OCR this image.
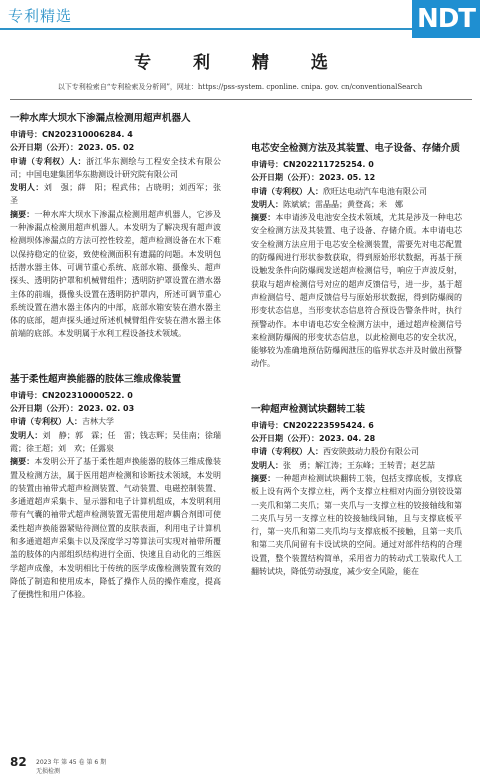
专利精选	NDT
专 利 精 选
以下专利检索自“专利检索及分析网”，网址：https://pss-system. cponline. cnipa. gov. cn/conventionalSearch
一种水库大坝水下渗漏点检测用超声机器人
申请号：CN202310006284. 4
公开日期（公开）：2023. 05. 02
申请（专利权）人：浙江华东测绘与工程安全技术有限公司；中国电建集团华东勘测设计研究院有限公司
发明人：刘　强；薛　阳；程武伟；占晓明；刘西军；张　圣
摘要：一种水库大坝水下渗漏点检测用超声机器人，它涉及一种渗漏点检测用超声机器人。本发明为了解决现有超声波检测坝体渗漏点的方法可控性较差，超声检测设备在水下难以保持稳定的位姿，致使检测面积有遗漏的问题。本发明包括潜水器主体、可调节重心系统、底部水箱、摄像头、超声探头、透明防护罩和机械臂组件；透明防护罩设置在潜水器主体的前端，摄像头设置在透明防护罩内，所述可调节重心系统设置在潜水器主体内的中部，底部水箱安装在潜水器主体的底部，超声探头通过所述机械臂组件安装在潜水器主体前端的底部。本发明属于水利工程设备技术领域。
基于柔性超声换能器的肢体三维成像装置
申请号：CN202310000522. 0
公开日期（公开）：2023. 02. 03
申请（专利权）人：吉林大学
发明人：刘　静；郭　霖；任　雷；钱志辉；吴佳南；徐瑞霞；徐王超；刘　欢；任露泉
摘要：本发明公开了基于柔性超声换能器的肢体三维成像装置及检测方法，属于医用超声检测和诊断技术领域，本发明的装置由袖带式超声检测装置、气动装置、电磁控制装置、多通道超声采集卡、显示器和电子计算机组成，本发明利用带有气囊的袖带式超声检测装置无需使用超声耦合剂即可使柔性超声换能器紧贴待测位置的皮肤表面，利用电子计算机和多通道超声采集卡以及深度学习等算法可实现对袖带所覆盖的肢体的内部组织结构进行全面、快速且自动化的三维医学超声成像，本发明相比于传统的医学成像检测装置有效的降低了制造和使用成本，降低了操作人员的操作难度，提高了便携性和用户体验。
电芯安全检测方法及其装置、电子设备、存储介质
申请号：CN202211725254. 0
公开日期（公开）：2023. 05. 12
申请（专利权）人：欣旺达电动汽车电池有限公司
发明人：陈斌斌；雷晶晶；黄登高；米　娜
摘要：本申请涉及电池安全技术领域，尤其是涉及一种电芯安全检测方法及其装置、电子设备、存储介质。本申请电芯安全检测方法应用于电芯安全检测装置，需要先对电芯配置的防爆阀进行形状参数获取，得到原始形状数据，再基于预设触发条件向防爆阀发送超声检测信号，响应于声波反射，获取与超声检测信号对应的超声反馈信号，进一步，基于超声检测信号、超声反馈信号与原始形状数据，得到防爆阀的形变状态信息，当形变状态信息符合预设告警条件时，执行预警动作。本申请电芯安全检测方法中，通过超声检测信号来检测防爆阀的形变状态信息，以此检测电芯的安全状况，能够较为准确地预估防爆阀泄压的临界状态并及时做出预警动作。
一种超声检测试块翻转工装
申请号：CN202223595424. 6
公开日期（公开）：2023. 04. 28
申请（专利权）人：西安陕鼓动力股份有限公司
发明人：张　勇；解江涛；王东峰；王转青；赵艺喆
摘要：一种超声检测试块翻转工装，包括支撑底板，支撑底板上设有两个支撑立柱，两个支撑立柱相对内面分别铰设第一夹爪和第二夹爪；第一夹爪与一支撑立柱的铰接轴线和第二夹爪与另一支撑立柱的铰接轴线同轴，且与支撑底板平行，第一夹爪和第二夹爪均与支撑底板不接触，且第一夹爪和第二夹爪间留有卡设试块的空间。通过对部件结构的合理设置，整个装置结构简单，采用省力的转动式工装取代人工翻转试块，降低劳动强度，减少安全风险，能在
82 2023 年 第 45 卷 第 6 期
无损检测
